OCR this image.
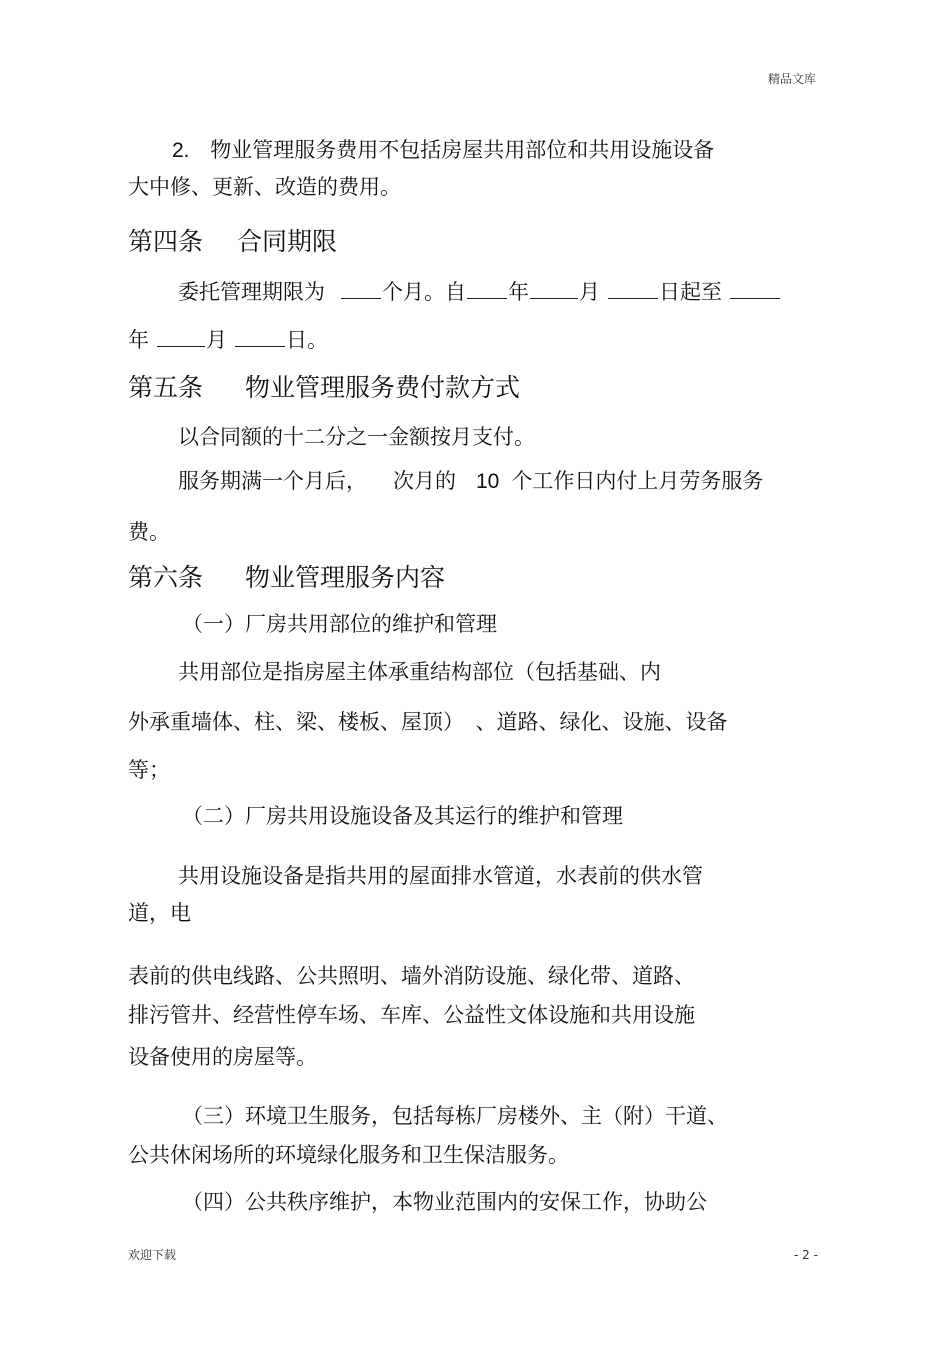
精品文库
2. 物业管理服务费用不包括房屋共用部位和共用设施设备
大中修、更新、改造的费用。
第四条 合同期限
委托管理期限为	个月。自 年 月	日起至
年	月	日。
第五条 物业管理服务费付款方式
以合同额的十二分之一金额按月支付。
服务期满一个月后， 次月的 10 个工作日内付上月劳务服务
费。
第六条 物业管理服务内容
（一）厂房共用部位的维护和管理
共用部位是指房屋主体承重结构部位（包括基础、内
外承重墙体、柱、梁、楼板、屋顶） 、道路、绿化、设施、设备
等；
（二）厂房共用设施设备及其运行的维护和管理
共用设施设备是指共用的屋面排水管道，水表前的供水管
道，电
表前的供电线路、公共照明、墙外消防设施、绿化带、道路、
排污管井、经营性停车场、车库、公益性文体设施和共用设施
设备使用的房屋等。
（三）环境卫生服务，包括每栋厂房楼外、主（附）干道、
公共休闲场所的环境绿化服务和卫生保洁服务。
（四）公共秩序维护，本物业范围内的安保工作，协助公
欢迎下载	- 2 -
